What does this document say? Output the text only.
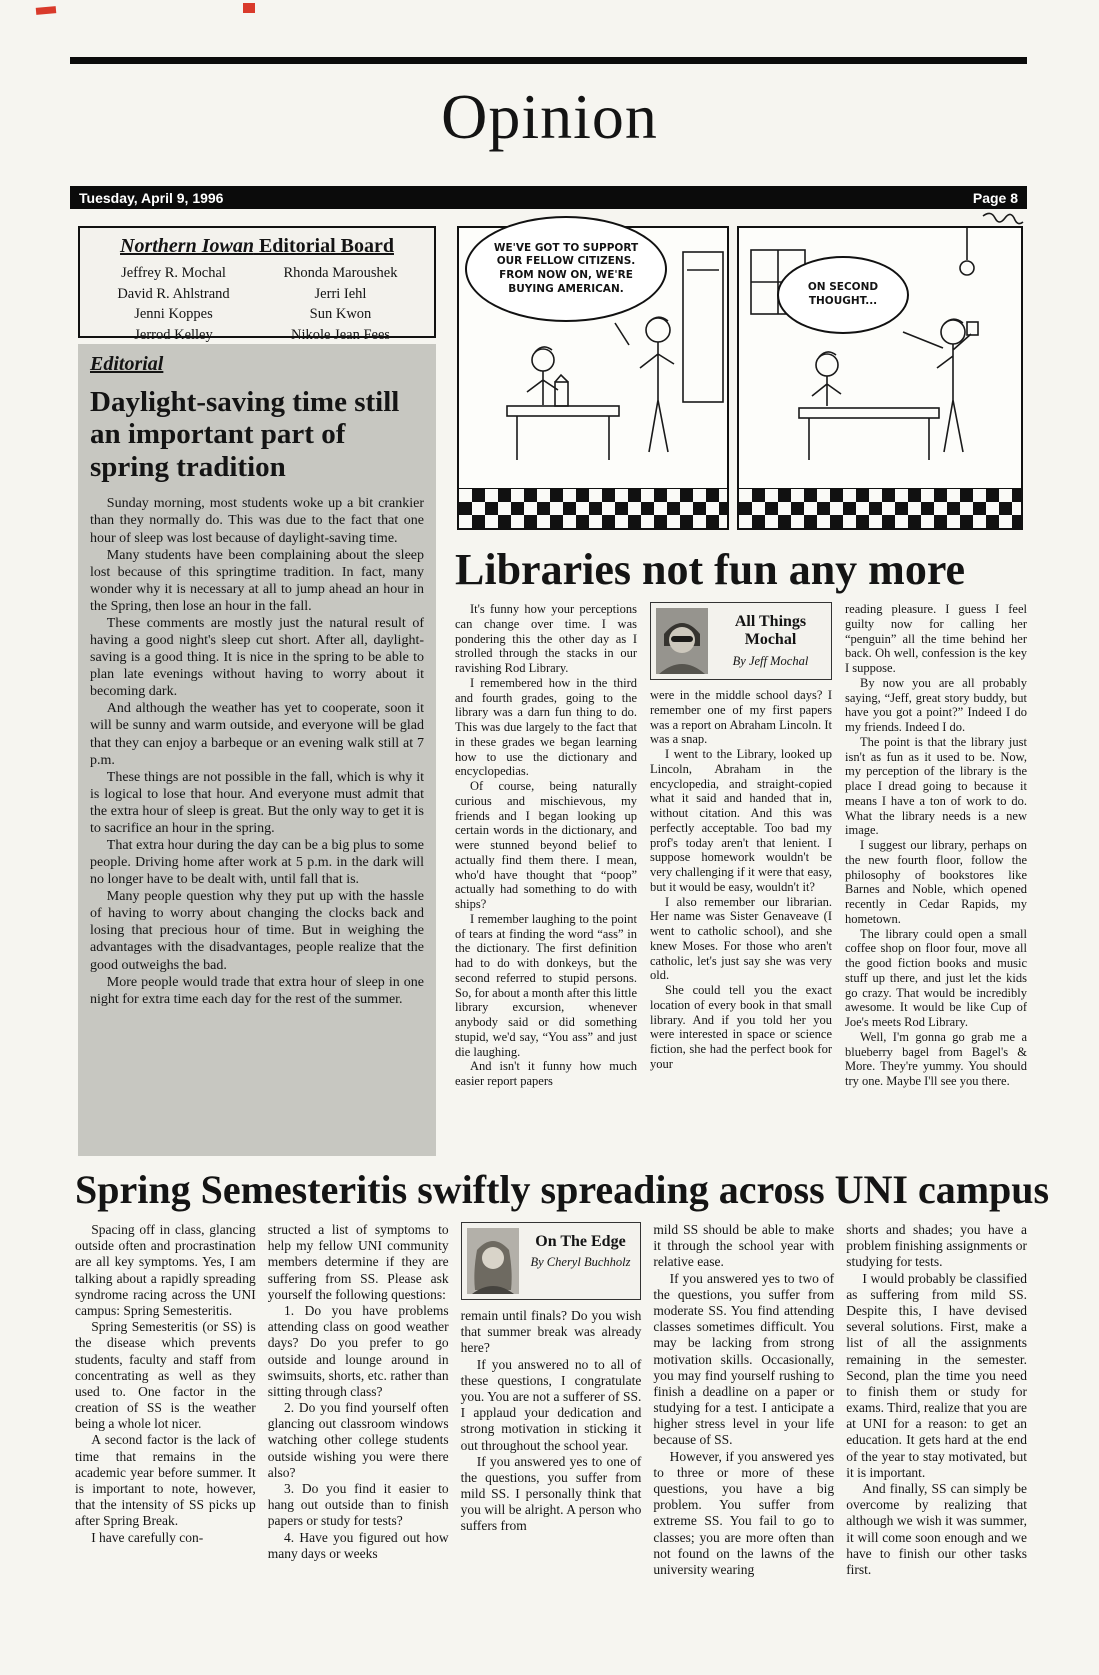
Opinion
Tuesday, April 9, 1996	Page 8
Northern Iowan Editorial Board

Jeffrey R. Mochal

David R. Ahlstrand

Jenni Koppes

Jerrod Kelley

Rhonda Maroushek

Jerri Iehl

Sun Kwon

Nikole Jean Fees

Editorial
Daylight-saving time still an important part of spring tradition

Sunday morning, most students woke up a bit crankier than they normally do. This was due to the fact that one hour of sleep was lost because of daylight-saving time.

Many students have been complaining about the sleep lost because of this springtime tradition. In fact, many wonder why it is necessary at all to jump ahead an hour in the Spring, then lose an hour in the fall.

These comments are mostly just the natural result of having a good night's sleep cut short. After all, daylight-saving is a good thing. It is nice in the spring to be able to plan late evenings without having to worry about it becoming dark.

And although the weather has yet to cooperate, soon it will be sunny and warm outside, and everyone will be glad that they can enjoy a barbeque or an evening walk still at 7 p.m.

These things are not possible in the fall, which is why it is logical to lose that hour. And everyone must admit that the extra hour of sleep is great. But the only way to get it is to sacrifice an hour in the spring.

That extra hour during the day can be a big plus to some people. Driving home after work at 5 p.m. in the dark will no longer have to be dealt with, until fall that is.

Many people question why they put up with the hassle of having to worry about changing the clocks back and losing that precious hour of time. But in weighing the advantages with the disadvantages, people realize that the good outweighs the bad.

More people would trade that extra hour of sleep in one night for extra time each day for the rest of the summer.

WE'VE GOT TO SUPPORT OUR FELLOW CITIZENS. FROM NOW ON, WE'RE BUYING AMERICAN.	ON SECOND THOUGHT...
Libraries not fun any more

It's funny how your perceptions can change over time. I was pondering this the other day as I strolled through the stacks in our ravishing Rod Library.

I remembered how in the third and fourth grades, going to the library was a darn fun thing to do. This was due largely to the fact that in these grades we began learning how to use the dictionary and encyclopedias.

Of course, being naturally curious and mischievous, my friends and I began looking up certain words in the dictionary, and were stunned beyond belief to actually find them there. I mean, who'd have thought that “poop” actually had something to do with ships?

I remember laughing to the point of tears at finding the word “ass” in the dictionary. The first definition had to do with donkeys, but the second referred to stupid persons. So, for about a month after this little library excursion, whenever anybody said or did something stupid, we'd say, “You ass” and just die laughing.

And isn't it funny how much easier report papers

All Things Mochal
By Jeff Mochal

were in the middle school days? I remember one of my first papers was a report on Abraham Lincoln. It was a snap.

I went to the Library, looked up Lincoln, Abraham in the encyclopedia, and straight-copied what it said and handed that in, without citation. And this was perfectly acceptable. Too bad my prof's today aren't that lenient. I suppose homework wouldn't be very challenging if it were that easy, but it would be easy, wouldn't it?

I also remember our librarian. Her name was Sister Genaveave (I went to catholic school), and she knew Moses. For those who aren't catholic, let's just say she was very old.

She could tell you the exact location of every book in that small library. And if you told her you were interested in space or science fiction, she had the perfect book for your

reading pleasure. I guess I feel guilty now for calling her “penguin” all the time behind her back. Oh well, confession is the key I suppose.

By now you are all probably saying, “Jeff, great story buddy, but have you got a point?” Indeed I do my friends. Indeed I do.

The point is that the library just isn't as fun as it used to be. Now, my perception of the library is the place I dread going to because it means I have a ton of work to do. What the library needs is a new image.

I suggest our library, perhaps on the new fourth floor, follow the philosophy of bookstores like Barnes and Noble, which opened recently in Cedar Rapids, my hometown.

The library could open a small coffee shop on floor four, move all the good fiction books and music stuff up there, and just let the kids go crazy. That would be incredibly awesome. It would be like Cup of Joe's meets Rod Library.

Well, I'm gonna go grab me a blueberry bagel from Bagel's & More. They're yummy. You should try one. Maybe I'll see you there.

Spring Semesteritis swiftly spreading across UNI campus

Spacing off in class, glancing outside often and procrastination are all key symptoms. Yes, I am talking about a rapidly spreading syndrome racing across the UNI campus: Spring Semesteritis.

Spring Semesteritis (or SS) is the disease which prevents students, faculty and staff from concentrating as well as they used to. One factor in the creation of SS is the weather being a whole lot nicer.

A second factor is the lack of time that remains in the academic year before summer. It is important to note, however, that the intensity of SS picks up after Spring Break.

I have carefully con-

structed a list of symptoms to help my fellow UNI community members determine if they are suffering from SS. Please ask yourself the following questions:

1. Do you have problems attending class on good weather days? Do you prefer to go outside and lounge around in swimsuits, shorts, etc. rather than sitting through class?

2. Do you find yourself often glancing out classroom windows watching other college students outside wishing you were there also?

3. Do you find it easier to hang out outside than to finish papers or study for tests?

4. Have you figured out how many days or weeks

On The Edge
By Cheryl Buchholz

remain until finals? Do you wish that summer break was already here?

If you answered no to all of these questions, I congratulate you. You are not a sufferer of SS. I applaud your dedication and strong motivation in sticking it out throughout the school year.

If you answered yes to one of the questions, you suffer from mild SS. I personally think that you will be alright. A person who suffers from

mild SS should be able to make it through the school year with relative ease.

If you answered yes to two of the questions, you suffer from moderate SS. You find attending classes sometimes difficult. You may be lacking from strong motivation skills. Occasionally, you may find yourself rushing to finish a deadline on a paper or studying for a test. I anticipate a higher stress level in your life because of SS.

However, if you answered yes to three or more of these questions, you have a big problem. You suffer from extreme SS. You fail to go to classes; you are more often than not found on the lawns of the university wearing

shorts and shades; you have a problem finishing assignments or studying for tests.

I would probably be classified as suffering from mild SS. Despite this, I have devised several solutions. First, make a list of all the assignments remaining in the semester. Second, plan the time you need to finish them or study for exams. Third, realize that you are at UNI for a reason: to get an education. It gets hard at the end of the year to stay motivated, but it is important.

And finally, SS can simply be overcome by realizing that although we wish it was summer, it will come soon enough and we have to finish our other tasks first.
